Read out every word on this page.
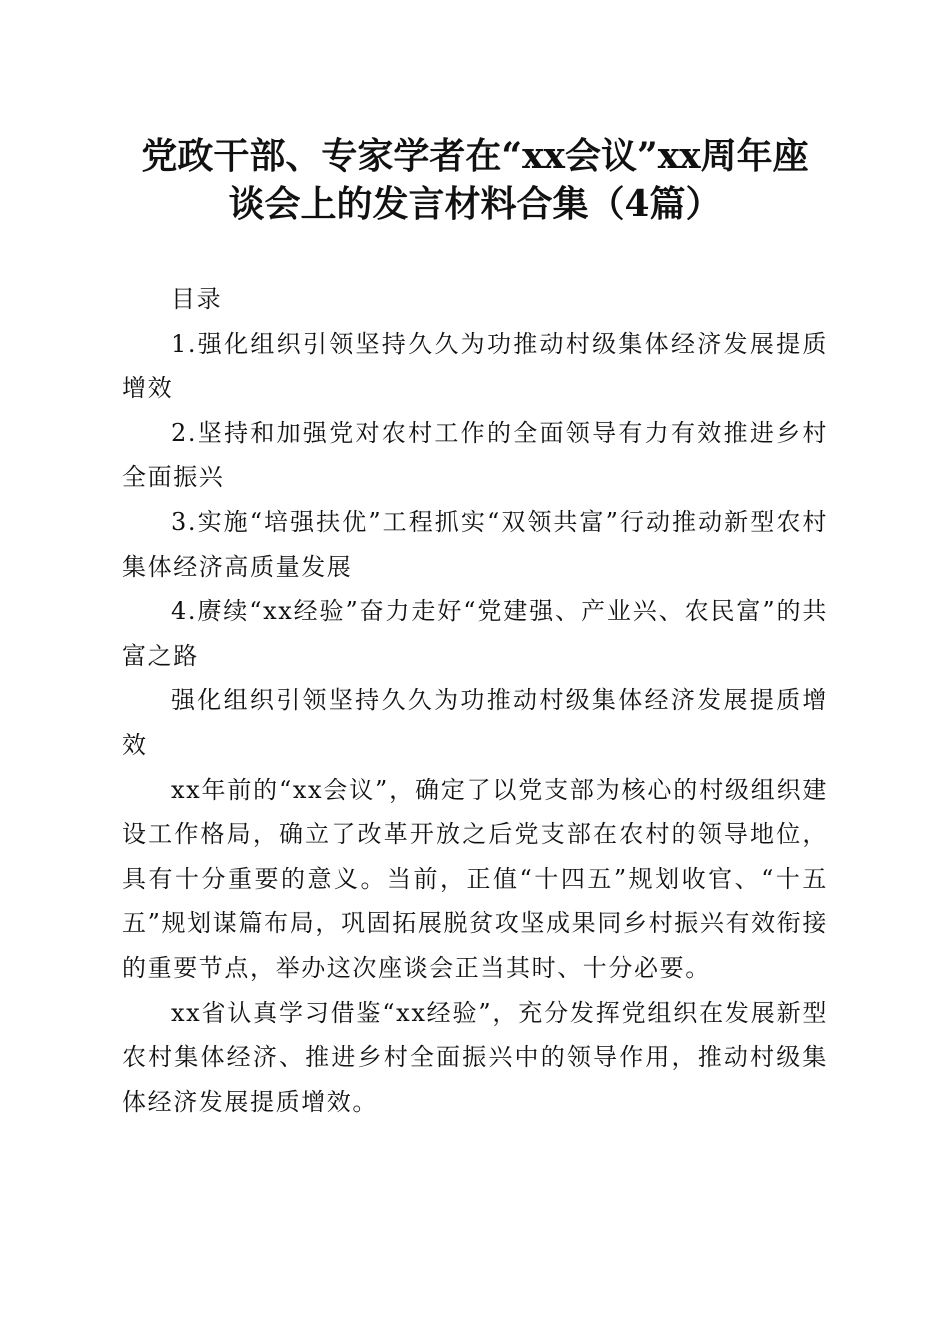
党政干部、专家学者在“xx会议”xx周年座
谈会上的发言材料合集（4篇）

目录

1.强化组织引领坚持久久为功推动村级集体经济发展提质增效

2.坚持和加强党对农村工作的全面领导有力有效推进乡村全面振兴

3.实施“培强扶优”工程抓实“双领共富”行动推动新型农村集体经济高质量发展

4.赓续“xx经验”奋力走好“党建强、产业兴、农民富”的共富之路

强化组织引领坚持久久为功推动村级集体经济发展提质增效

xx年前的“xx会议”，确定了以党支部为核心的村级组织建设工作格局，确立了改革开放之后党支部在农村的领导地位，具有十分重要的意义。当前，正值“十四五”规划收官、“十五五”规划谋篇布局，巩固拓展脱贫攻坚成果同乡村振兴有效衔接的重要节点，举办这次座谈会正当其时、十分必要。

xx省认真学习借鉴“xx经验”，充分发挥党组织在发展新型农村集体经济、推进乡村全面振兴中的领导作用，推动村级集体经济发展提质增效。
